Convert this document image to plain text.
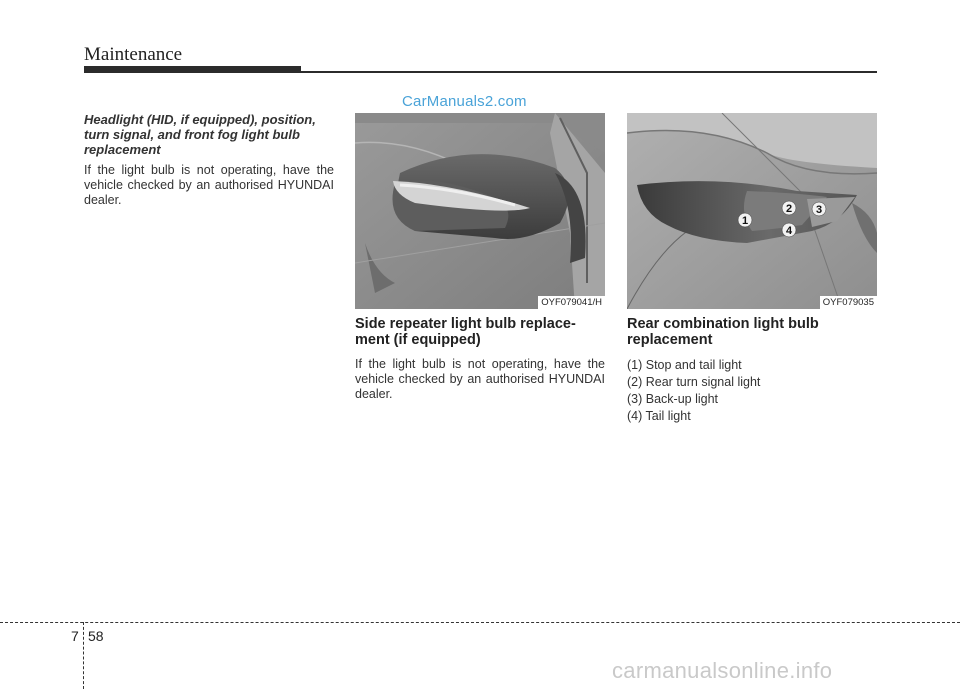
Maintenance
CarManuals2.com

Headlight (HID, if equipped), position, turn signal, and front fog light bulb replacement

If the light bulb is not operating, have the vehicle checked by an authorised HYUNDAI dealer.

OYF079041/H
1
2 3
4
OYF079035

Side repeater light bulb replace-ment (if equipped)

If the light bulb is not operating, have the vehicle checked by an authorised HYUNDAI dealer.

Rear combination light bulb replacement

(1) Stop and tail light
(2) Rear turn signal light
(3) Back-up light
(4) Tail light
7 58
carmanualsonline.info
